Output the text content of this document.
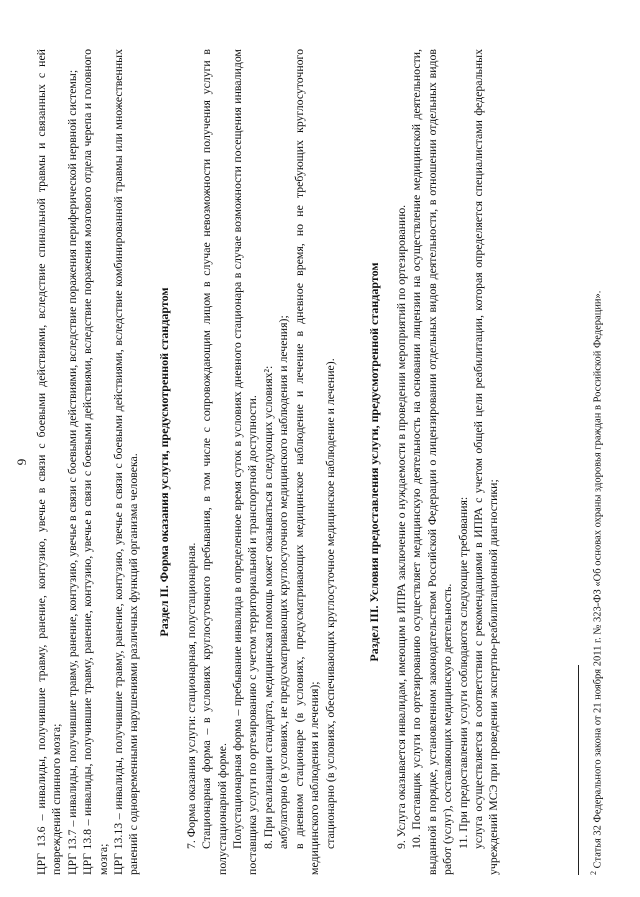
9 ЦРГ 13.6 – инвалиды, получившие травму, ранение, контузию, увечье в связи с боевыми действиями, вследствие спинальной травмы и связанных с ней повреждений спинного мозга; ЦРГ 13.7 – инвалиды, получившие травму, ранение, контузию, увечье в связи с боевыми действиями, вследствие поражения периферической нервной системы; ЦРГ 13.8 – инвалиды, получившие травму, ранение, контузию, увечье в связи с боевыми действиями, вследствие поражения мозгового отдела черепа и головного мозга; ЦРГ 13.13 – инвалиды, получившие травму, ранение, контузию, увечье в связи с боевыми действиями, вследствие комбинированной травмы или множественных ранений с одновременными нарушениями различных функций организма человека. Раздел II. Форма оказания услуги, предусмотренной стандартом

7. Форма оказания услуги: стационарная, полустационарная. Стационарная форма – в условиях круглосуточного пребывания, в том числе с сопровождающим лицом в случае невозможности получения услуги в полустационарной форме. Полустационарная форма – пребывание инвалида в определенное время суток в условиях дневного стационара в случае возможности посещения инвалидом поставщика услуги по ортезированию с учетом территориальной и транспортной доступности. 8. При реализации стандарта, медицинская помощь может оказываться в следующих условиях²: амбулаторно (в условиях, не предусматривающих круглосуточного медицинского наблюдения и лечения); в дневном стационаре (в условиях, предусматривающих медицинское наблюдение и лечение в дневное время, но не требующих круглосуточного медицинского наблюдения и лечения); стационарно (в условиях, обеспечивающих круглосуточное медицинское наблюдение и лечение).	Раздел III. Условия предоставления услуги, предусмотренной стандартом 9. Услуга оказывается инвалидам, имеющим в ИПРА заключение о нуждаемости в проведении мероприятий по ортезированию. 10. Поставщик услуги по ортезированию осуществляет медицинскую деятельность на основании лицензии на осуществление медицинской деятельности, выданной в порядке, установленном законодательством Российской Федерации о лицензировании отдельных видов деятельности, в отношении отдельных видов работ (услуг), составляющих медицинскую деятельность. 11. При предоставлении услуги соблюдаются следующие требования: услуга осуществляется в соответствии с рекомендациями в ИПРА с учетом общей цели реабилитации, которая определяется специалистами федеральных учреждений МСЭ при проведении экспертно-реабилитационной диагностики;	$^2$ Статья 32 Федерального закона от 21 ноября 2011 г. № 323-ФЗ «Об основах охраны здоровья граждан в Российской Федерации».
